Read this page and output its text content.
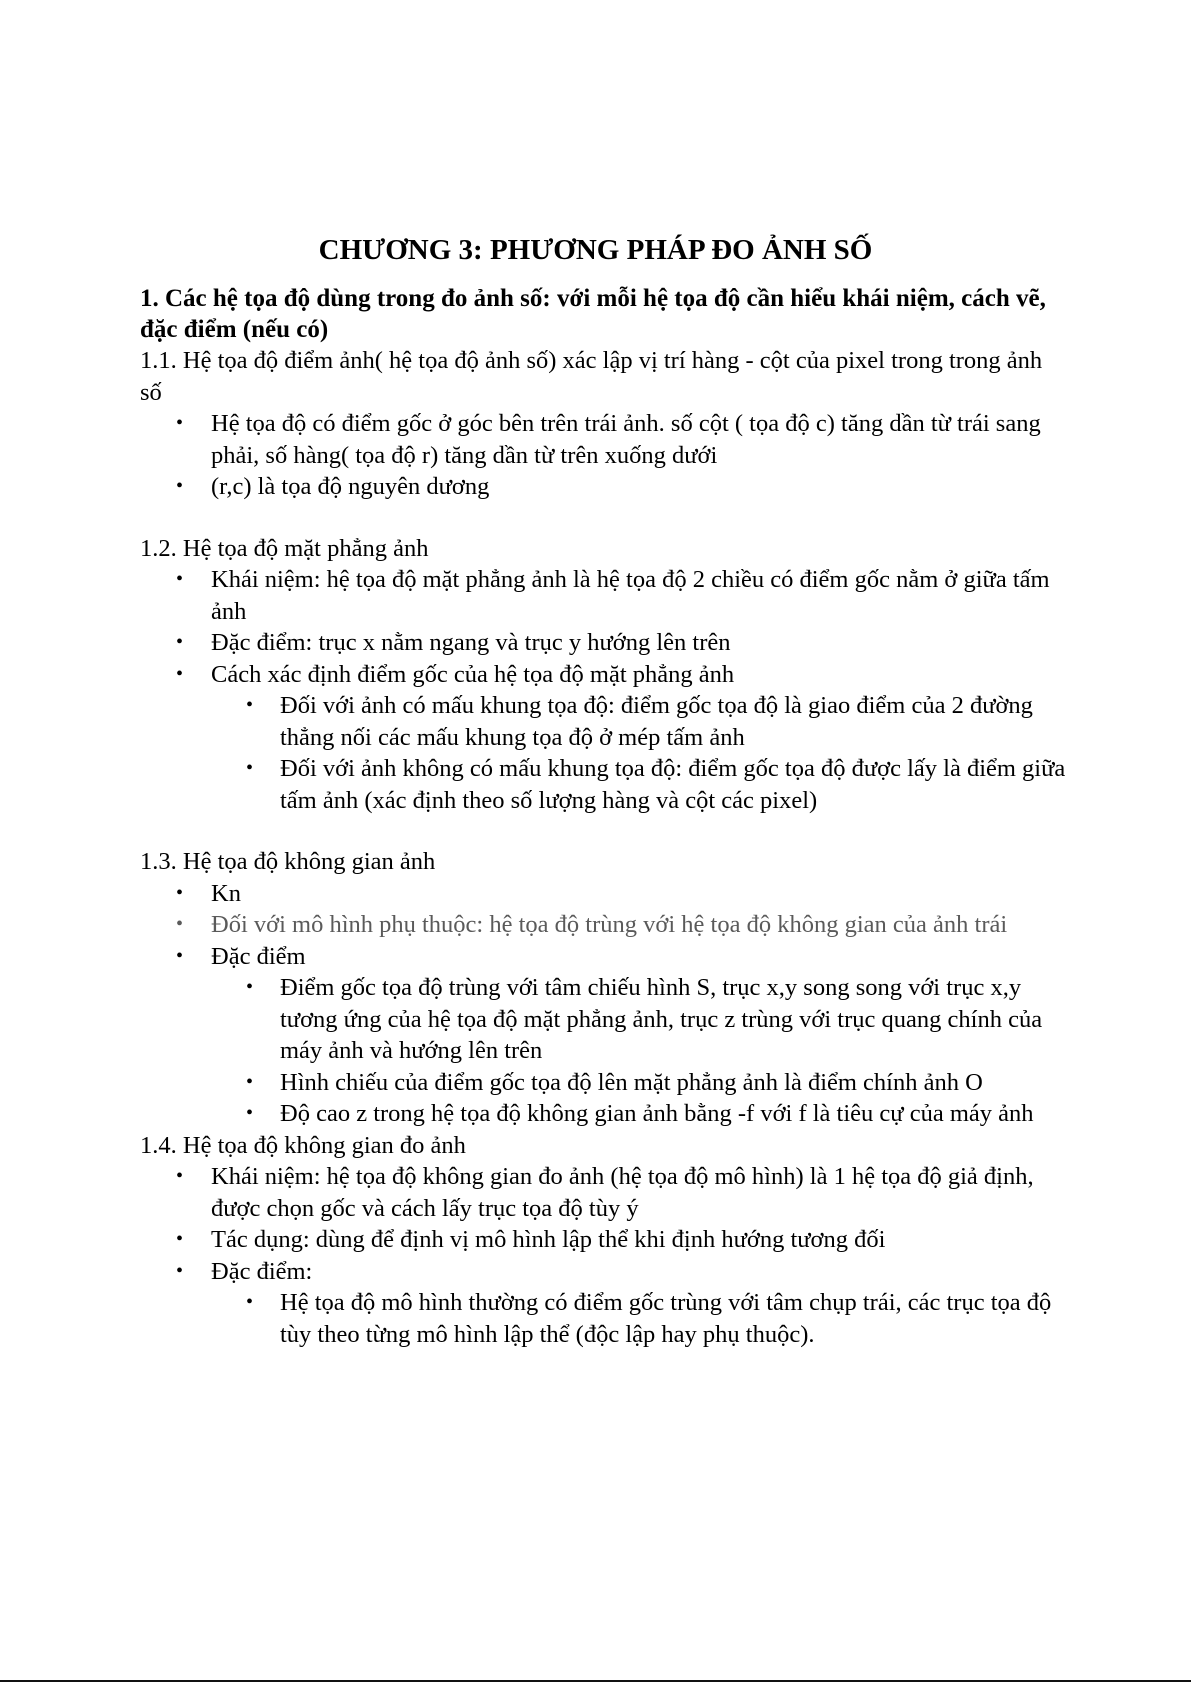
CHƯƠNG 3: PHƯƠNG PHÁP ĐO ẢNH SỐ

1. Các hệ tọa độ dùng trong đo ảnh số: với mỗi hệ tọa độ cần hiểu khái niệm, cách vẽ, đặc điểm (nếu có)

1.1. Hệ tọa độ điểm ảnh( hệ tọa độ ảnh số) xác lập vị trí hàng - cột của pixel trong trong ảnh số

• Hệ tọa độ có điểm gốc ở góc bên trên trái ảnh. số cột ( tọa độ c) tăng dần từ trái sang phải, số hàng( tọa độ r) tăng dần từ trên xuống dưới
• (r,c) là tọa độ nguyên dương

1.2. Hệ tọa độ mặt phẳng ảnh

• Khái niệm: hệ tọa độ mặt phẳng ảnh là hệ tọa độ 2 chiều có điểm gốc nằm ở giữa tấm ảnh
• Đặc điểm: trục x nằm ngang và trục y hướng lên trên
• Cách xác định điểm gốc của hệ tọa độ mặt phẳng ảnh
• Đối với ảnh có mấu khung tọa độ: điểm gốc tọa độ là giao điểm của 2 đường thẳng nối các mấu khung tọa độ ở mép tấm ảnh
• Đối với ảnh không có mấu khung tọa độ: điểm gốc tọa độ được lấy là điểm giữa tấm ảnh (xác định theo số lượng hàng và cột các pixel)

1.3. Hệ tọa độ không gian ảnh

• Kn
• Đối với mô hình phụ thuộc: hệ tọa độ trùng với hệ tọa độ không gian của ảnh trái
• Đặc điểm
• Điểm gốc tọa độ trùng với tâm chiếu hình S, trục x,y song song với trục x,y tương ứng của hệ tọa độ mặt phẳng ảnh, trục z trùng với trục quang chính của máy ảnh và hướng lên trên
• Hình chiếu của điểm gốc tọa độ lên mặt phẳng ảnh là điểm chính ảnh O
• Độ cao z trong hệ tọa độ không gian ảnh bằng -f với f là tiêu cự của máy ảnh

1.4. Hệ tọa độ không gian đo ảnh

• Khái niệm: hệ tọa độ không gian đo ảnh (hệ tọa độ mô hình) là 1 hệ tọa độ giả định, được chọn gốc và cách lấy trục tọa độ tùy ý
• Tác dụng: dùng để định vị mô hình lập thể khi định hướng tương đối
• Đặc điểm:
• Hệ tọa độ mô hình thường có điểm gốc trùng với tâm chụp trái, các trục tọa độ tùy theo từng mô hình lập thể (độc lập hay phụ thuộc).
